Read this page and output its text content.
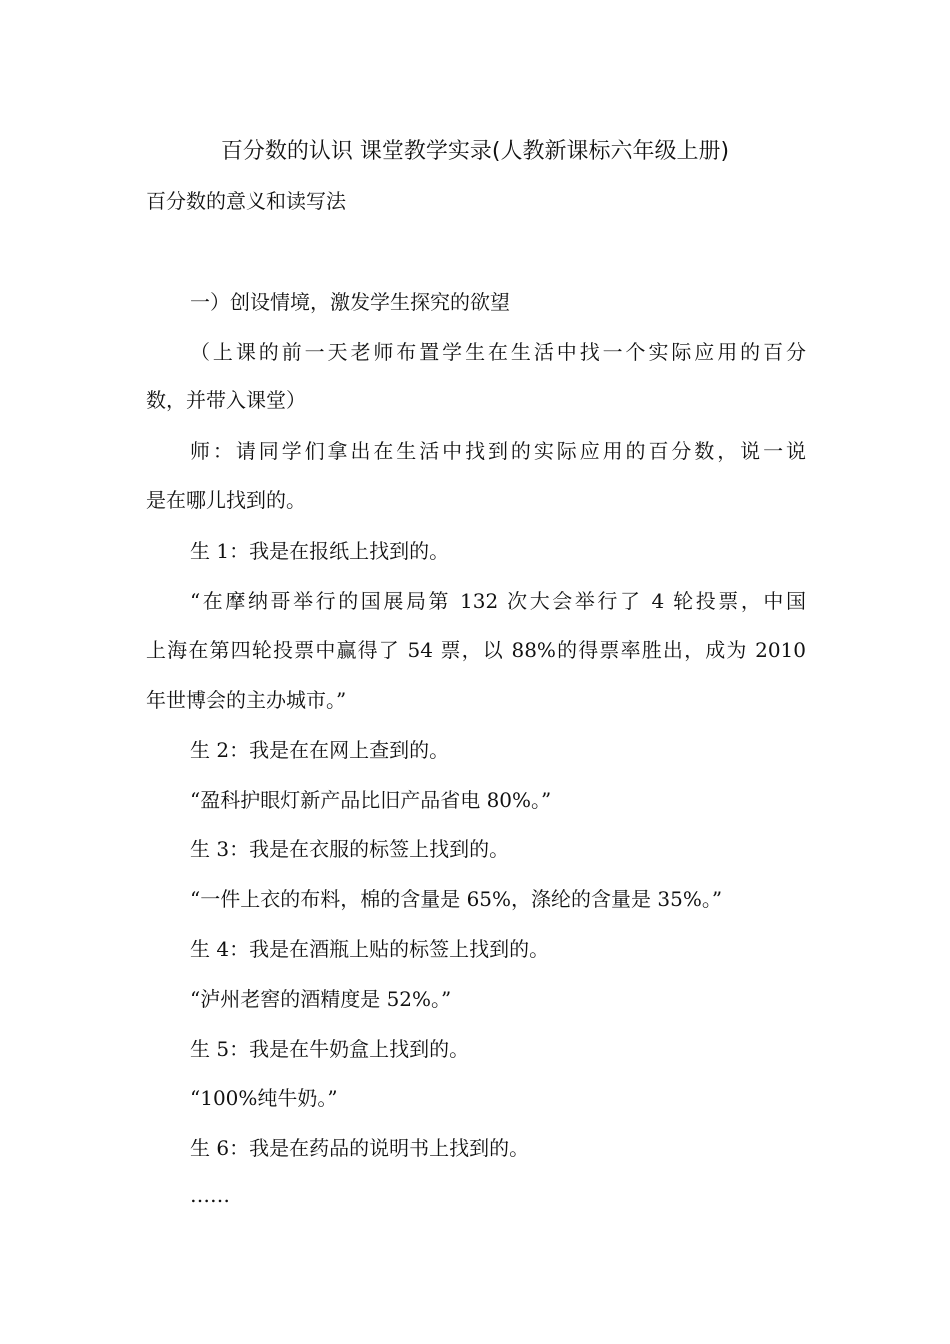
百分数的认识 课堂教学实录(人教新课标六年级上册)

百分数的意义和读写法

一）创设情境，激发学生探究的欲望

（上课的前一天老师布置学生在生活中找一个实际应用的百分

数，并带入课堂）

师：请同学们拿出在生活中找到的实际应用的百分数，说一说

是在哪儿找到的。

生 1：我是在报纸上找到的。

“在摩纳哥举行的国展局第 132 次大会举行了 4 轮投票，中国

上海在第四轮投票中赢得了 54 票，以 88%的得票率胜出，成为 2010

年世博会的主办城市。”

生 2：我是在在网上查到的。

“盈科护眼灯新产品比旧产品省电 80%。”

生 3：我是在衣服的标签上找到的。

“一件上衣的布料，棉的含量是 65%，涤纶的含量是 35%。”

生 4：我是在酒瓶上贴的标签上找到的。

“泸州老窖的酒精度是 52%。”

生 5：我是在牛奶盒上找到的。

“100%纯牛奶。”

生 6：我是在药品的说明书上找到的。

……
